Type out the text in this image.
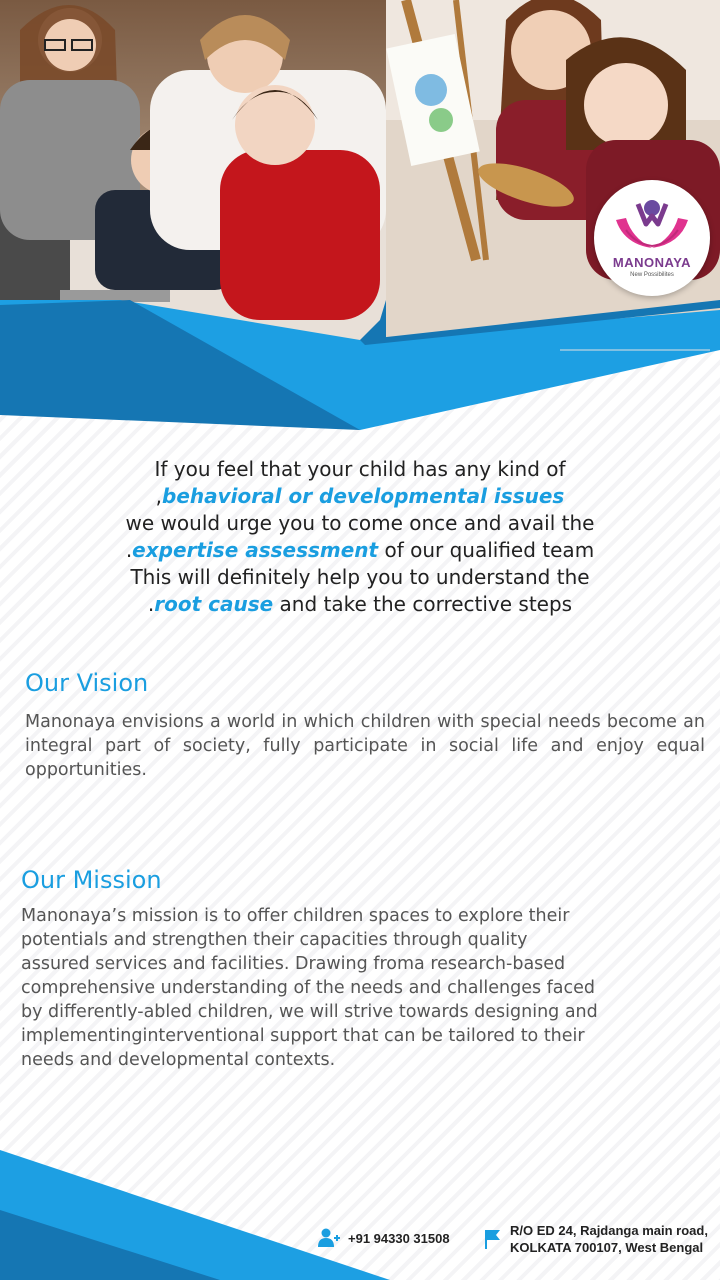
MANONAYA
New Possibilites

If you feel that your child has any kind of

,behavioral or developmental issues

we would urge you to come once and avail the

.expertise assessment of our qualified team

This will definitely help you to understand the

.root cause and take the corrective steps

Our Vision
Manonaya envisions a world in which children with special needs become an integral part of society, fully participate in social life and enjoy equal opportunities.
Our Mission
Manonaya’s mission is to offer children spaces to explore their
potentials and strengthen their capacities through quality
assured services and facilities. Drawing froma research-based
comprehensive understanding of the needs and challenges faced
by differently-abled children, we will strive towards designing and
implementinginterventional support that can be tailored to their
needs and developmental contexts.
+91 94330 31508	R/O ED 24, Rajdanga main road,
KOLKATA 700107, West Bengal
